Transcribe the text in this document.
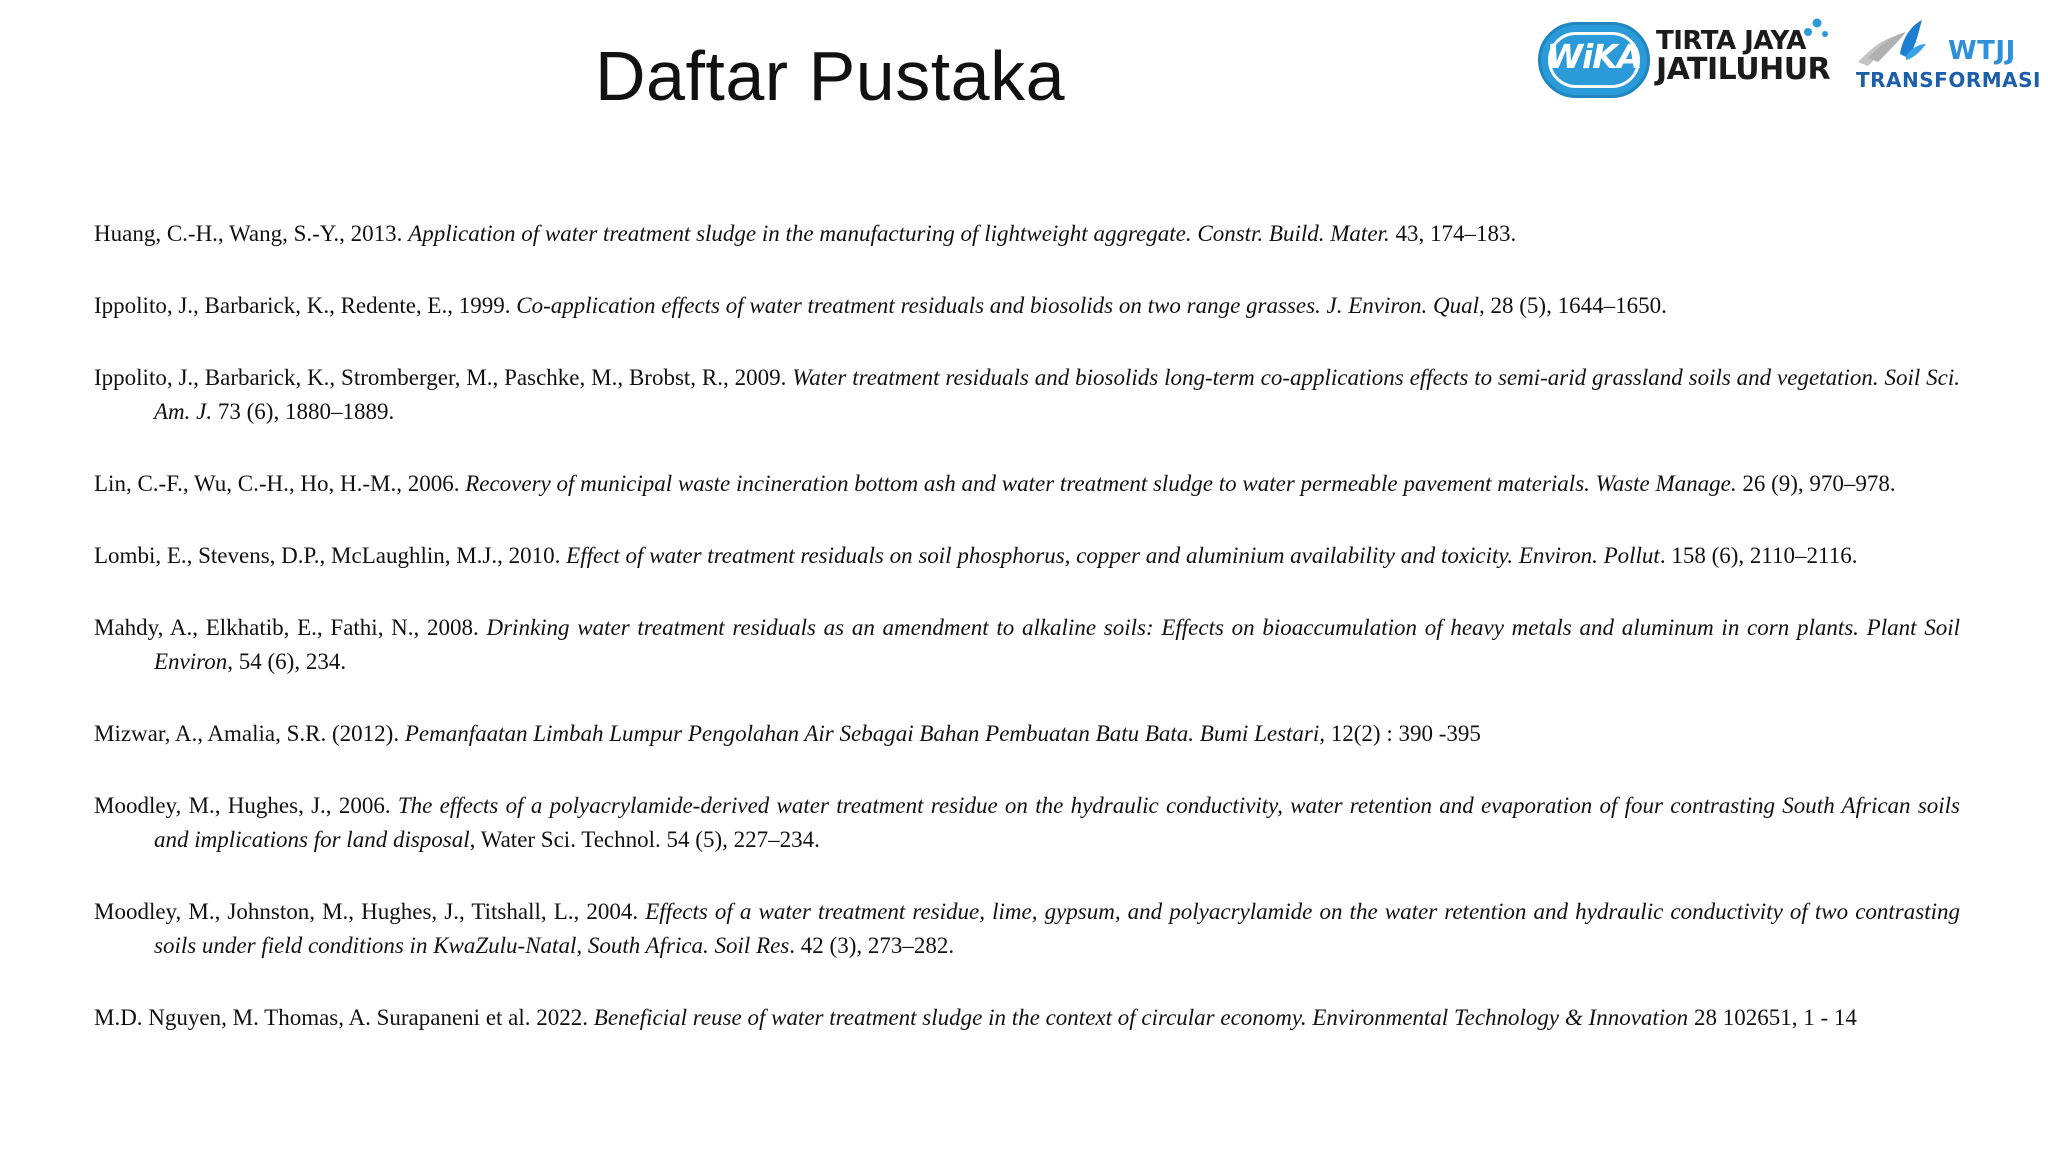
Daftar Pustaka	WiKA TIRTA JAYA
JATILUHUR
WTJJ
TRANSFORMASI

Huang, C.-H., Wang, S.-Y., 2013. Application of water treatment sludge in the manufacturing of lightweight aggregate. Constr. Build. Mater. 43, 174–183.

Ippolito, J., Barbarick, K., Redente, E., 1999. Co-application effects of water treatment residuals and biosolids on two range grasses. J. Environ. Qual, 28 (5), 1644–1650.

Ippolito, J., Barbarick, K., Stromberger, M., Paschke, M., Brobst, R., 2009. Water treatment residuals and biosolids long-term co-applications effects to semi-arid grassland soils and vegetation. Soil Sci. Am. J. 73 (6), 1880–1889.

Lin, C.-F., Wu, C.-H., Ho, H.-M., 2006. Recovery of municipal waste incineration bottom ash and water treatment sludge to water permeable pavement materials. Waste Manage. 26 (9), 970–978.

Lombi, E., Stevens, D.P., McLaughlin, M.J., 2010. Effect of water treatment residuals on soil phosphorus, copper and aluminium availability and toxicity. Environ. Pollut. 158 (6), 2110–2116.

Mahdy, A., Elkhatib, E., Fathi, N., 2008. Drinking water treatment residuals as an amendment to alkaline soils: Effects on bioaccumulation of heavy metals and aluminum in corn plants. Plant Soil Environ, 54 (6), 234.

Mizwar, A., Amalia, S.R. (2012). Pemanfaatan Limbah Lumpur Pengolahan Air Sebagai Bahan Pembuatan Batu Bata. Bumi Lestari, 12(2) : 390 -395

Moodley, M., Hughes, J., 2006. The effects of a polyacrylamide-derived water treatment residue on the hydraulic conductivity, water retention and evaporation of four contrasting South African soils and implications for land disposal, Water Sci. Technol. 54 (5), 227–234.

Moodley, M., Johnston, M., Hughes, J., Titshall, L., 2004. Effects of a water treatment residue, lime, gypsum, and polyacrylamide on the water retention and hydraulic conductivity of two contrasting soils under field conditions in KwaZulu-Natal, South Africa. Soil Res. 42 (3), 273–282.

M.D. Nguyen, M. Thomas, A. Surapaneni et al. 2022. Beneficial reuse of water treatment sludge in the context of circular economy. Environmental Technology & Innovation 28 102651, 1 - 14
